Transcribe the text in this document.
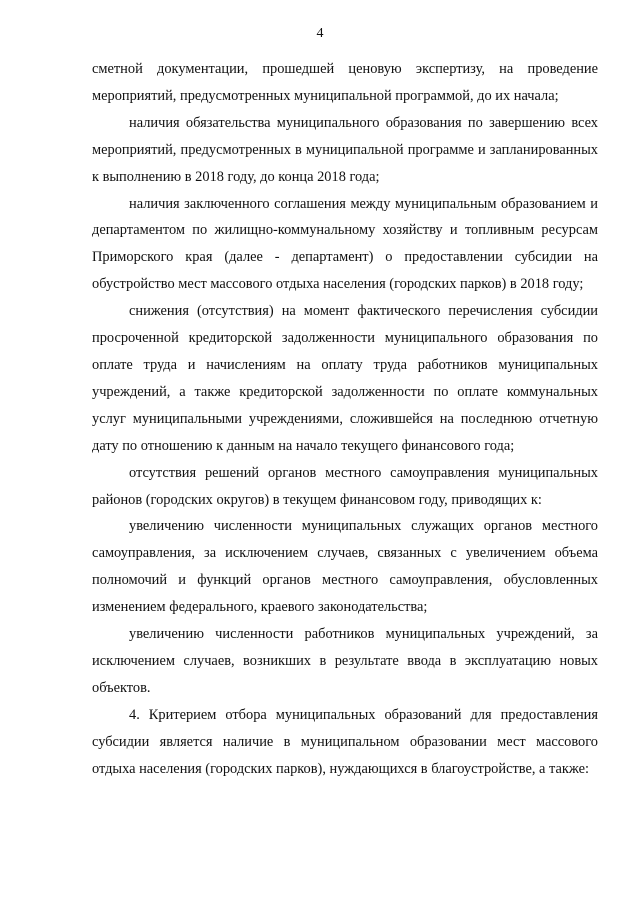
4

сметной документации, прошедшей ценовую экспертизу, на проведение мероприятий, предусмотренных муниципальной программой, до их начала;

наличия обязательства муниципального образования по завершению всех мероприятий, предусмотренных в муниципальной программе и запланированных к выполнению в 2018 году, до конца 2018 года;

наличия заключенного соглашения между муниципальным образованием и департаментом по жилищно-коммунальному хозяйству и топливным ресурсам Приморского края (далее - департамент) о предоставлении субсидии на обустройство мест массового отдыха населения (городских парков) в 2018 году;

снижения (отсутствия) на момент фактического перечисления субсидии просроченной кредиторской задолженности муниципального образования по оплате труда и начислениям на оплату труда работников муниципальных учреждений, а также кредиторской задолженности по оплате коммунальных услуг муниципальными учреждениями, сложившейся на последнюю отчетную дату по отношению к данным на начало текущего финансового года;

отсутствия решений органов местного самоуправления муниципальных районов (городских округов) в текущем финансовом году, приводящих к:

увеличению численности муниципальных служащих органов местного самоуправления, за исключением случаев, связанных с увеличением объема полномочий и функций органов местного самоуправления, обусловленных изменением федерального, краевого законодательства;

увеличению численности работников муниципальных учреждений, за исключением случаев, возникших в результате ввода в эксплуатацию новых объектов.

4. Критерием отбора муниципальных образований для предоставления субсидии является наличие в муниципальном образовании мест массового отдыха населения (городских парков), нуждающихся в благоустройстве, а также:
